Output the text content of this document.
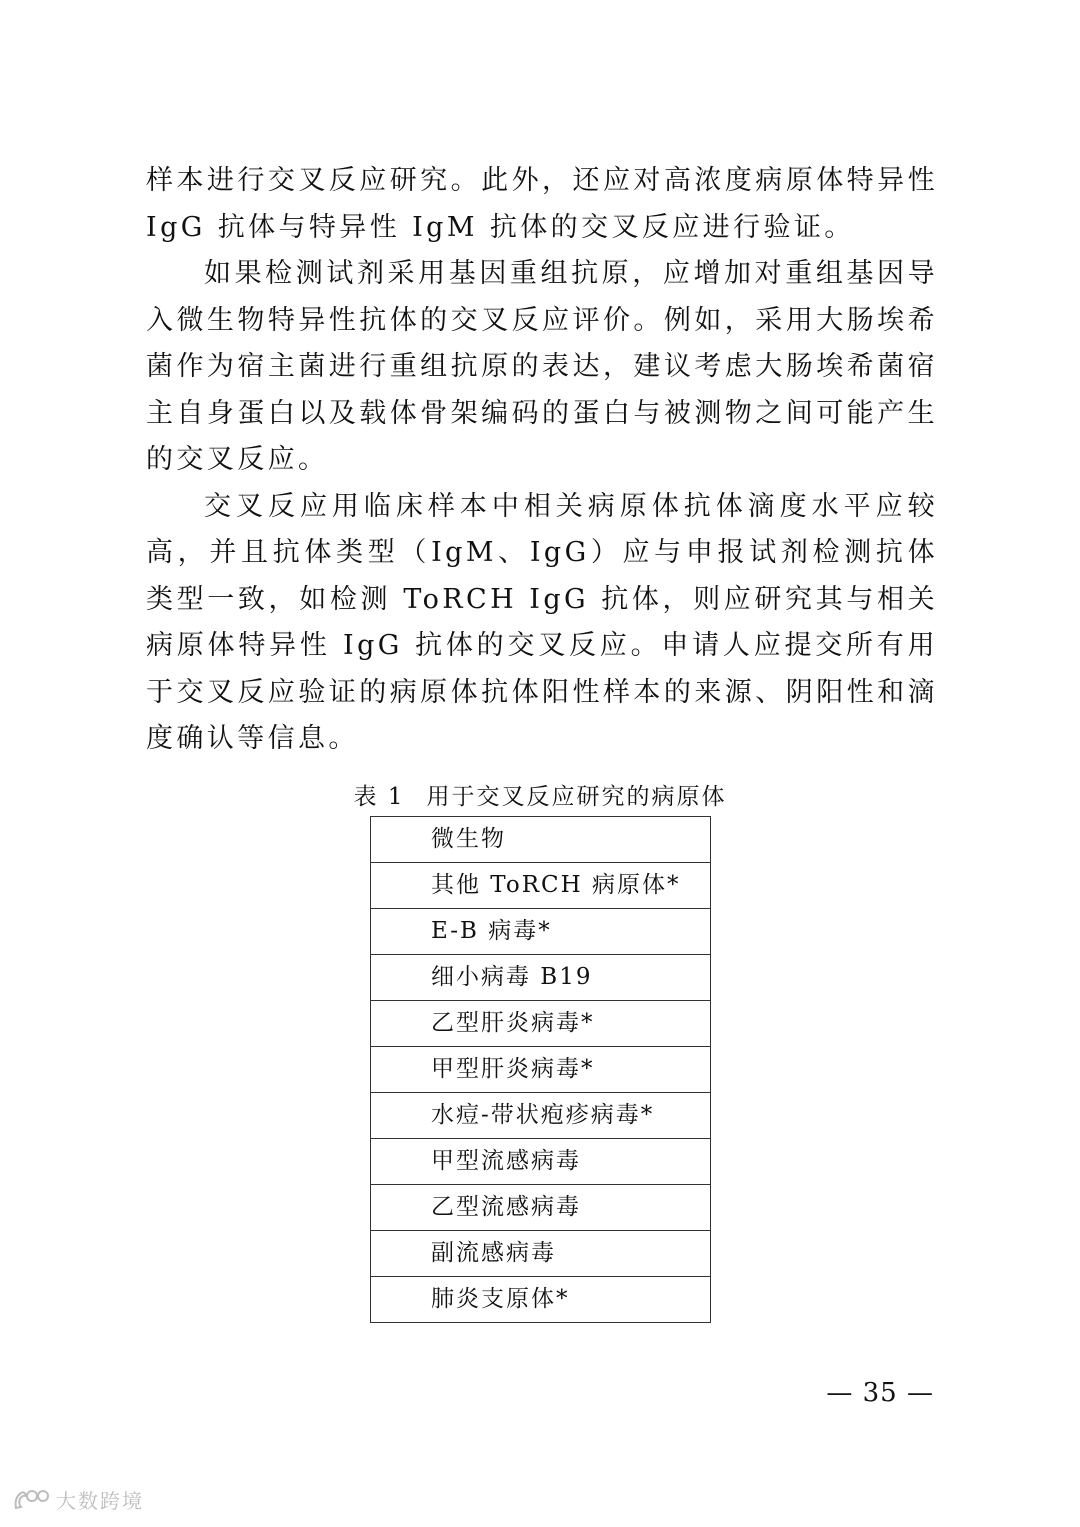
样本进行交叉反应研究。此外，还应对高浓度病原体特异性 IgG 抗体与特异性 IgM 抗体的交叉反应进行验证。

如果检测试剂采用基因重组抗原，应增加对重组基因导入微生物特异性抗体的交叉反应评价。例如，采用大肠埃希菌作为宿主菌进行重组抗原的表达，建议考虑大肠埃希菌宿主自身蛋白以及载体骨架编码的蛋白与被测物之间可能产生的交叉反应。

交叉反应用临床样本中相关病原体抗体滴度水平应较高，并且抗体类型（IgM、IgG）应与申报试剂检测抗体类型一致，如检测 ToRCH IgG 抗体，则应研究其与相关病原体特异性 IgG 抗体的交叉反应。申请人应提交所有用于交叉反应验证的病原体抗体阳性样本的来源、阴阳性和滴度确认等信息。

表 1 用于交叉反应研究的病原体
微生物
其他 ToRCH 病原体*
E-B 病毒*
细小病毒 B19
乙型肝炎病毒*
甲型肝炎病毒*
水痘-带状疱疹病毒*
甲型流感病毒
乙型流感病毒
副流感病毒
肺炎支原体*
— 35 —
大数跨境
